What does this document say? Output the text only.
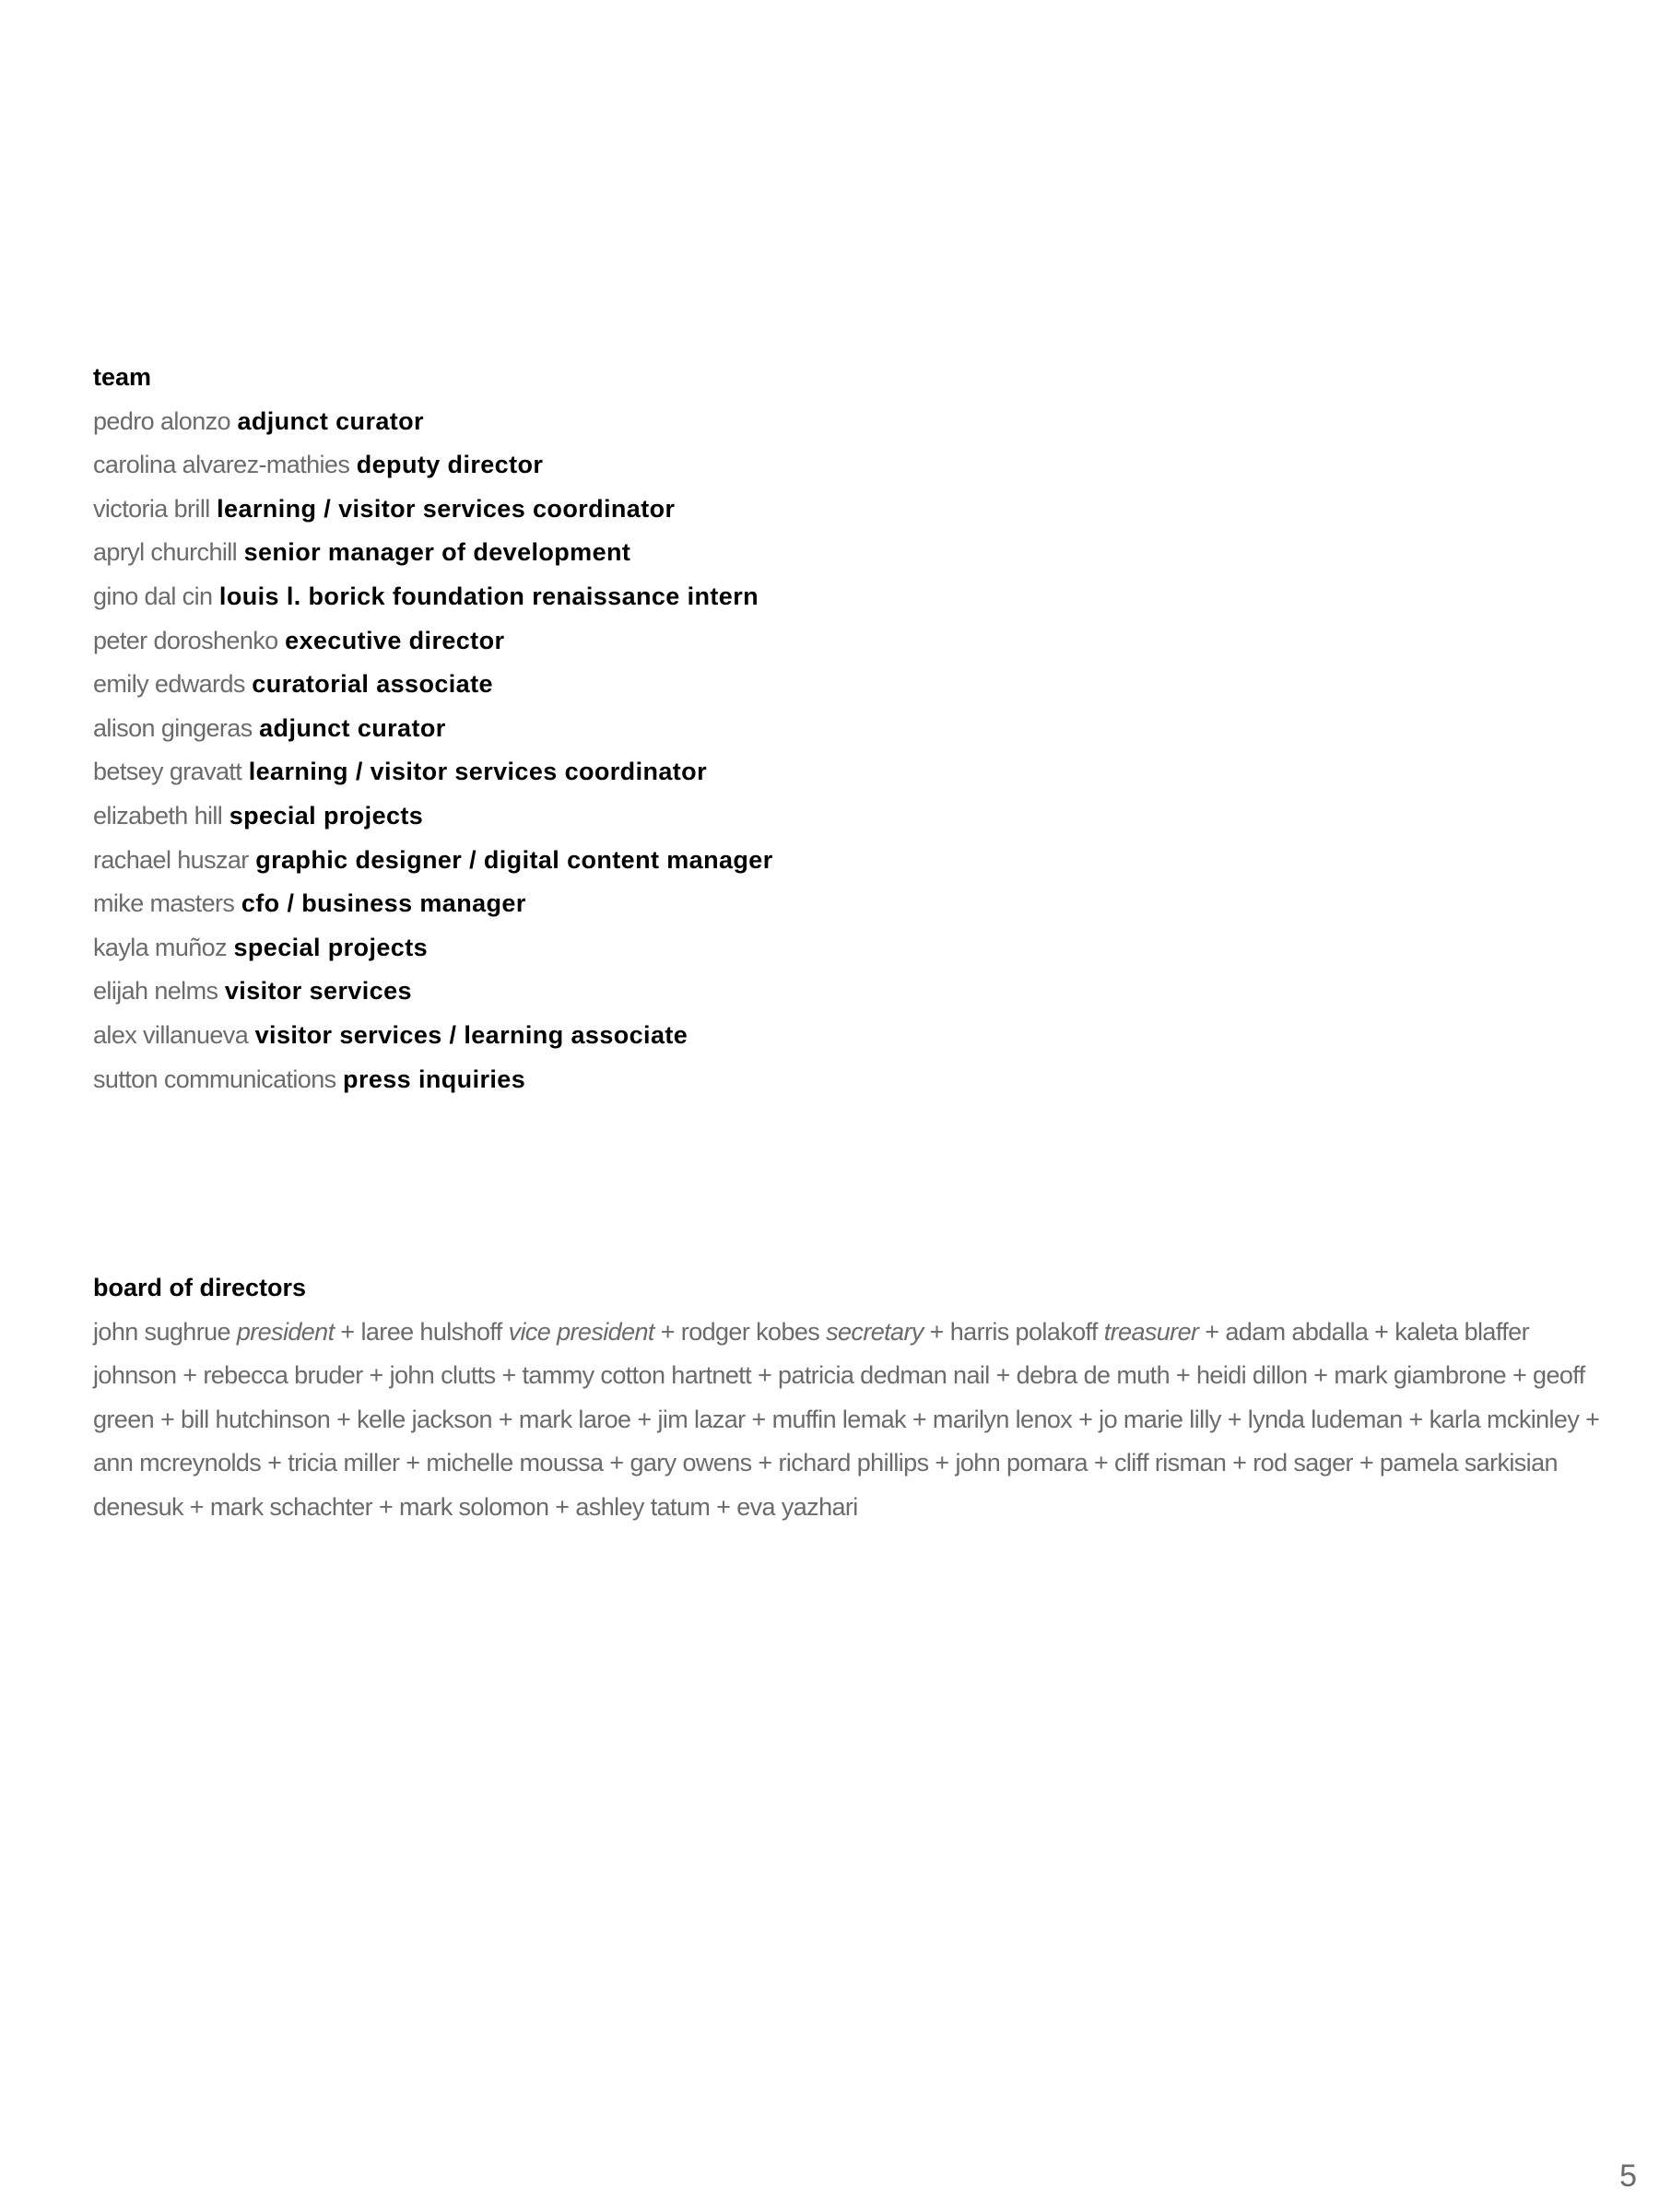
team
pedro alonzo adjunct curator
carolina alvarez-mathies deputy director
victoria brill learning / visitor services coordinator
apryl churchill senior manager of development
gino dal cin louis l. borick foundation renaissance intern
peter doroshenko executive director
emily edwards curatorial associate
alison gingeras adjunct curator
betsey gravatt learning / visitor services coordinator
elizabeth hill special projects
rachael huszar graphic designer / digital content manager
mike masters cfo / business manager
kayla muñoz special projects
elijah nelms visitor services
alex villanueva visitor services / learning associate
sutton communications press inquiries
board of directors
john sughrue president + laree hulshoff vice president + rodger kobes secretary + harris polakoff treasurer + adam abdalla + kaleta blaffer johnson + rebecca bruder + john clutts + tammy cotton hartnett + patricia dedman nail + debra de muth + heidi dillon + mark giambrone + geoff green + bill hutchinson + kelle jackson + mark laroe + jim lazar + muffin lemak + marilyn lenox + jo marie lilly + lynda ludeman + karla mckinley + ann mcreynolds + tricia miller + michelle moussa + gary owens + richard phillips + john pomara + cliff risman + rod sager + pamela sarkisian denesuk + mark schachter + mark solomon + ashley tatum + eva yazhari
5
